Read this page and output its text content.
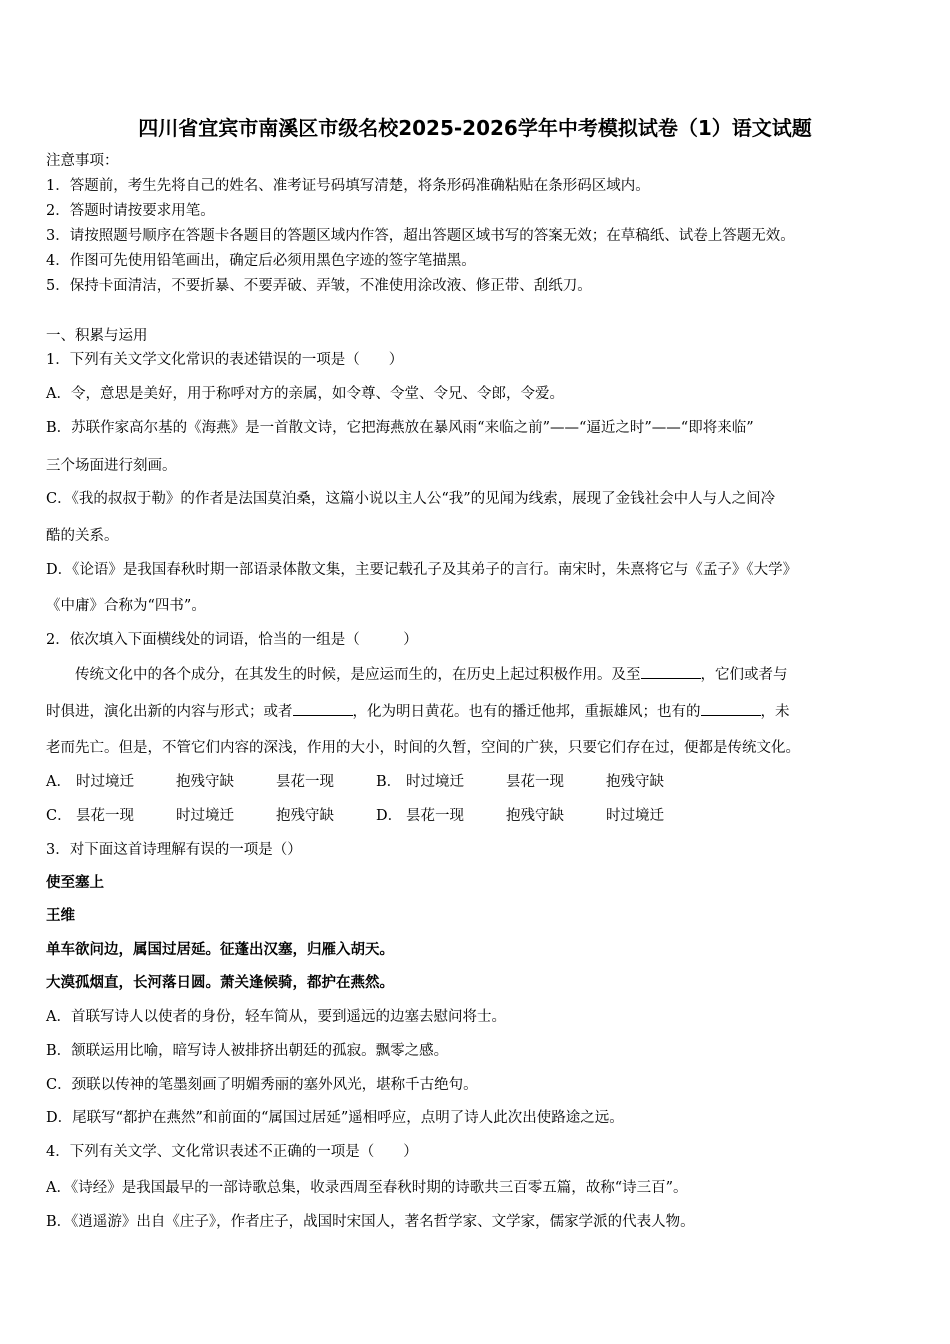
四川省宜宾市南溪区市级名校2025-2026学年中考模拟试卷（1）语文试题
注意事项：
1．答题前，考生先将自己的姓名、准考证号码填写清楚，将条形码准确粘贴在条形码区域内。
2．答题时请按要求用笔。
3．请按照题号顺序在答题卡各题目的答题区域内作答，超出答题区域书写的答案无效；在草稿纸、试卷上答题无效。
4．作图可先使用铅笔画出，确定后必须用黑色字迹的签字笔描黑。
5．保持卡面清洁，不要折暴、不要弄破、弄皱，不准使用涂改液、修正带、刮纸刀。
一、积累与运用
1．下列有关文学文化常识的表述错误的一项是（　　）
A．令，意思是美好，用于称呼对方的亲属，如令尊、令堂、令兄、令郎，令爱。
B．苏联作家高尔基的《海燕》是一首散文诗，它把海燕放在暴风雨“来临之前”——“逼近之时”——“即将来临”
三个场面进行刻画。
C．《我的叔叔于勒》的作者是法国莫泊桑，这篇小说以主人公“我”的见闻为线索，展现了金钱社会中人与人之间冷
酷的关系。
D．《论语》是我国春秋时期一部语录体散文集，主要记载孔子及其弟子的言行。南宋时，朱熹将它与《孟子》《大学》
《中庸》合称为“四书”。
2．依次填入下面横线处的词语，恰当的一组是（　　　）
　　传统文化中的各个成分，在其发生的时候，是应运而生的，在历史上起过积极作用。及至	，它们或者与
时俱进，演化出新的内容与形式；或者	，化为明日黄花。也有的播迁他邦，重振雄风；也有的	，未
老而先亡。但是，不管它们内容的深浅，作用的大小，时间的久暂，空间的广狭，只要它们存在过，便都是传统文化。
A． 时过境迁	抱残守缺	昙花一现	B． 时过境迁	昙花一现	抱残守缺
C． 昙花一现	时过境迁	抱残守缺	D． 昙花一现	抱残守缺	时过境迁
3．对下面这首诗理解有误的一项是（）
使至塞上
王维
单车欲问边，属国过居延。征蓬出汉塞，归雁入胡天。
大漠孤烟直，长河落日圆。萧关逢候骑，都护在燕然。
A．首联写诗人以使者的身份，轻车简从，要到遥远的边塞去慰问将士。
B．颔联运用比喻，暗写诗人被排挤出朝廷的孤寂。飘零之感。
C．颈联以传神的笔墨刻画了明媚秀丽的塞外风光，堪称千古绝句。
D．尾联写“都护在燕然”和前面的“属国过居延”遥相呼应，点明了诗人此次出使路途之远。
4．下列有关文学、文化常识表述不正确的一项是（　　）
A．《诗经》是我国最早的一部诗歌总集，收录西周至春秋时期的诗歌共三百零五篇，故称“诗三百”。
B．《逍遥游》出自《庄子》，作者庄子，战国时宋国人，著名哲学家、文学家，儒家学派的代表人物。
